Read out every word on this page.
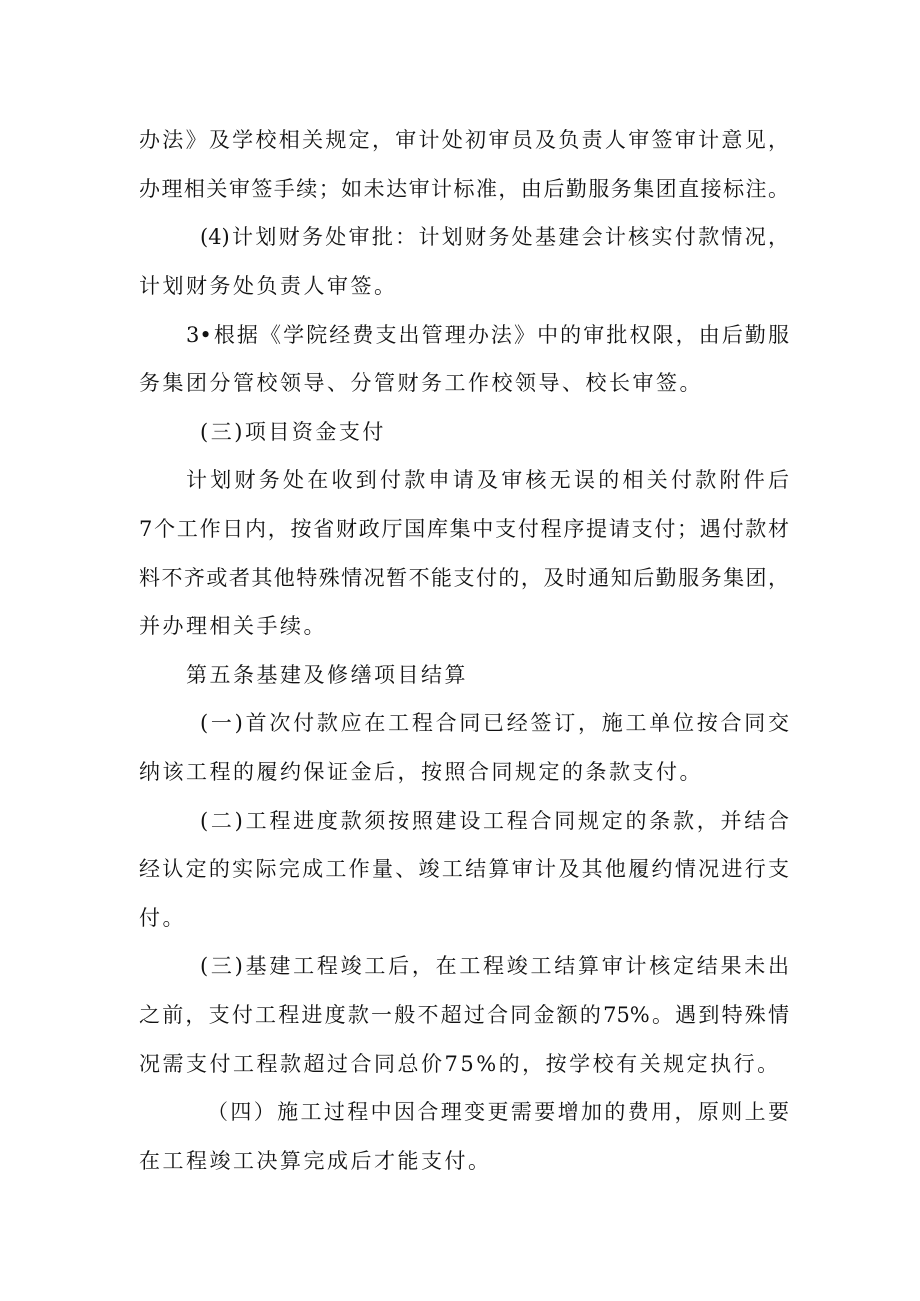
办法》及学校相关规定，审计处初审员及负责人审签审计意见，
办理相关审签手续；如未达审计标准，由后勤服务集团直接标注。
(4)计划财务处审批：计划财务处基建会计核实付款情况，
计划财务处负责人审签。
3•根据《学院经费支出管理办法》中的审批权限，由后勤服
务集团分管校领导、分管财务工作校领导、校长审签。
(三)项目资金支付
计划财务处在收到付款申请及审核无误的相关付款附件后
7个工作日内，按省财政厅国库集中支付程序提请支付；遇付款材
料不齐或者其他特殊情况暂不能支付的，及时通知后勤服务集团，
并办理相关手续。
第五条基建及修缮项目结算
(一)首次付款应在工程合同已经签订，施工单位按合同交
纳该工程的履约保证金后，按照合同规定的条款支付。
(二)工程进度款须按照建设工程合同规定的条款，并结合
经认定的实际完成工作量、竣工结算审计及其他履约情况进行支
付。
(三)基建工程竣工后，在工程竣工结算审计核定结果未出
之前，支付工程进度款一般不超过合同金额的75%。遇到特殊情
况需支付工程款超过合同总价75%的，按学校有关规定执行。
（四）施工过程中因合理变更需要增加的费用，原则上要
在工程竣工决算完成后才能支付。
